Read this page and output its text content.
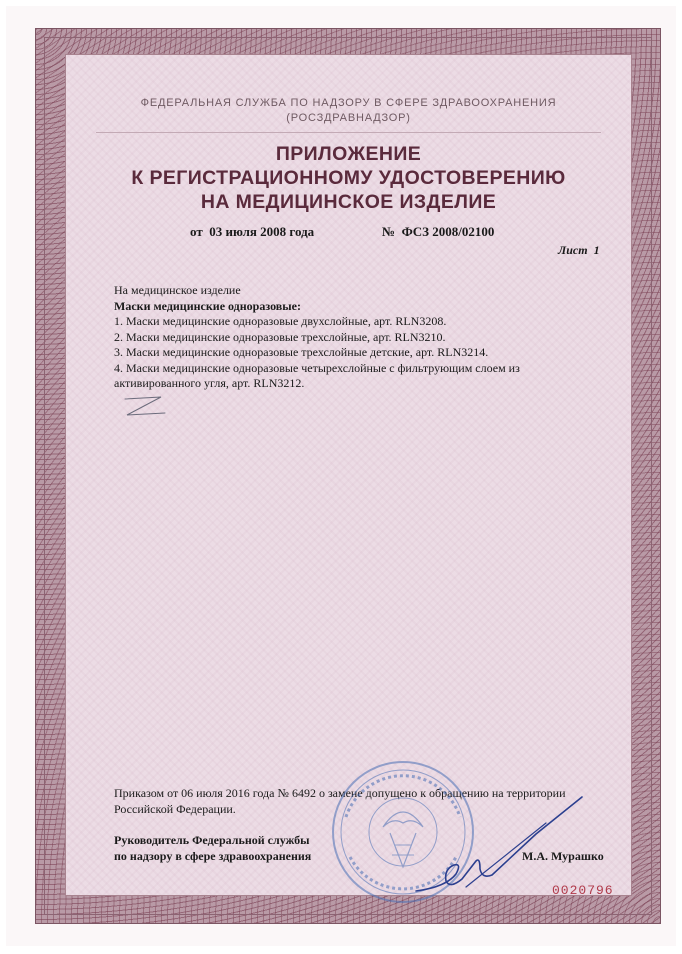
ФЕДЕРАЛЬНАЯ СЛУЖБА ПО НАДЗОРУ В СФЕРЕ ЗДРАВООХРАНЕНИЯ
(РОСЗДРАВНАДЗОР)
ПРИЛОЖЕНИЕ
К РЕГИСТРАЦИОННОМУ УДОСТОВЕРЕНИЮ
НА МЕДИЦИНСКОЕ ИЗДЕЛИЕ
от  03 июля 2008 года	№  ФСЗ 2008/02100
Лист  1
На медицинское изделие
Маски медицинские одноразовые:
1. Маски медицинские одноразовые двухслойные, арт. RLN3208.
2. Маски медицинские одноразовые трехслойные, арт. RLN3210.
3. Маски медицинские одноразовые трехслойные детские, арт. RLN3214.
4. Маски медицинские одноразовые четырехслойные с фильтрующим слоем из активированного угля, арт. RLN3212.
Приказом от 06 июля 2016 года № 6492 о замене допущено к обращению на территории Российской Федерации.
Руководитель Федеральной службы
по надзору в сфере здравоохранения	М.А. Мурашко
0020796
